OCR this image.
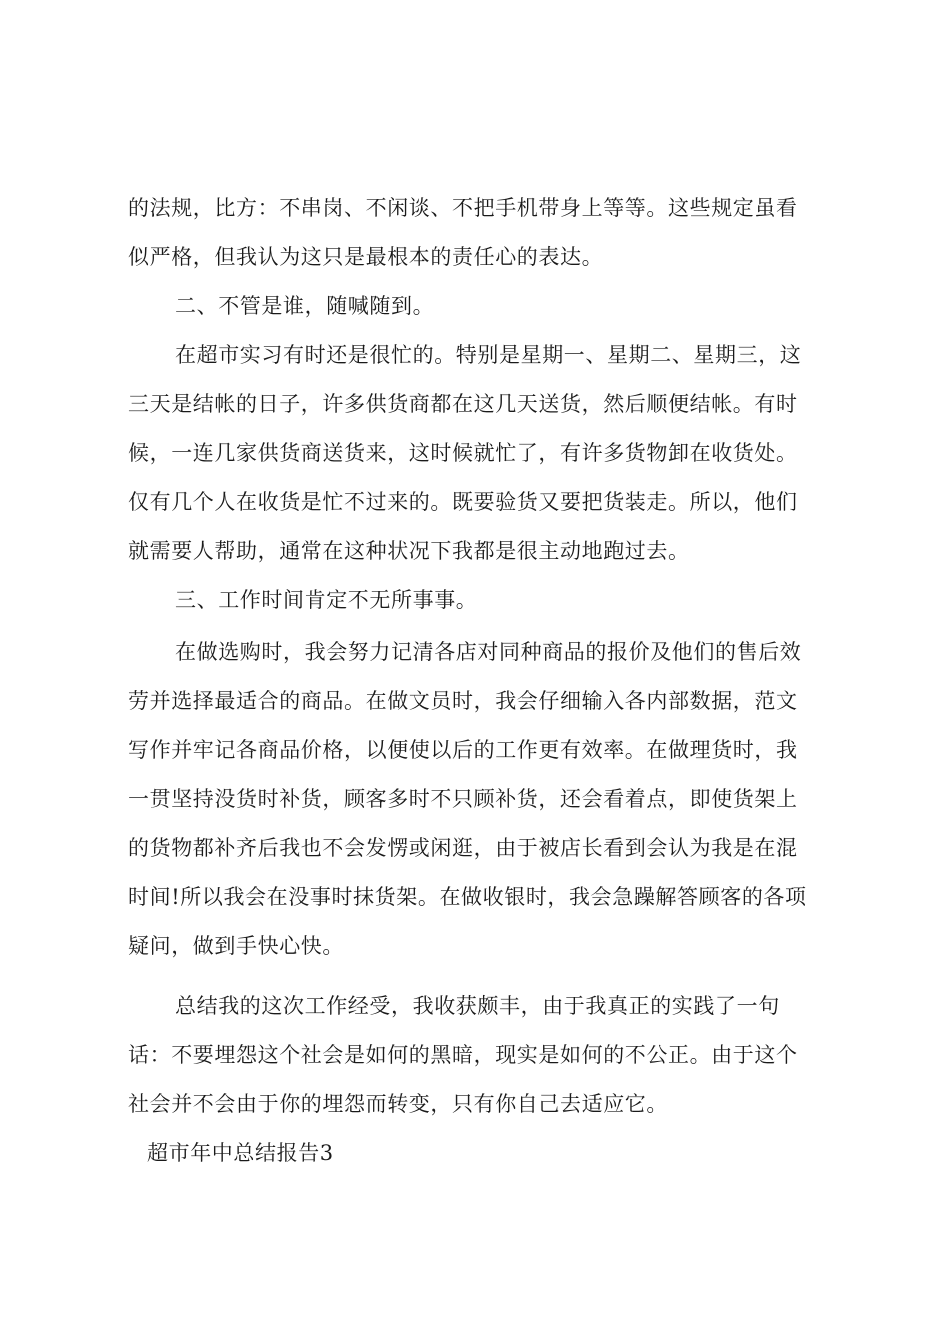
的法规，比方：不串岗、不闲谈、不把手机带身上等等。这些规定虽看
似严格，但我认为这只是最根本的责任心的表达。
二、不管是谁，随喊随到。
在超市实习有时还是很忙的。特别是星期一、星期二、星期三，这
三天是结帐的日子，许多供货商都在这几天送货，然后顺便结帐。有时
候，一连几家供货商送货来，这时候就忙了，有许多货物卸在收货处。
仅有几个人在收货是忙不过来的。既要验货又要把货装走。所以，他们
就需要人帮助，通常在这种状况下我都是很主动地跑过去。
三、工作时间肯定不无所事事。
在做选购时，我会努力记清各店对同种商品的报价及他们的售后效
劳并选择最适合的商品。在做文员时，我会仔细输入各内部数据，范文
写作并牢记各商品价格，以便使以后的工作更有效率。在做理货时，我
一贯坚持没货时补货，顾客多时不只顾补货，还会看着点，即使货架上
的货物都补齐后我也不会发愣或闲逛，由于被店长看到会认为我是在混
时间!所以我会在没事时抹货架。在做收银时，我会急躁解答顾客的各项
疑问，做到手快心快。
总结我的这次工作经受，我收获颇丰，由于我真正的实践了一句
话：不要埋怨这个社会是如何的黑暗，现实是如何的不公正。由于这个
社会并不会由于你的埋怨而转变，只有你自己去适应它。
超市年中总结报告3
